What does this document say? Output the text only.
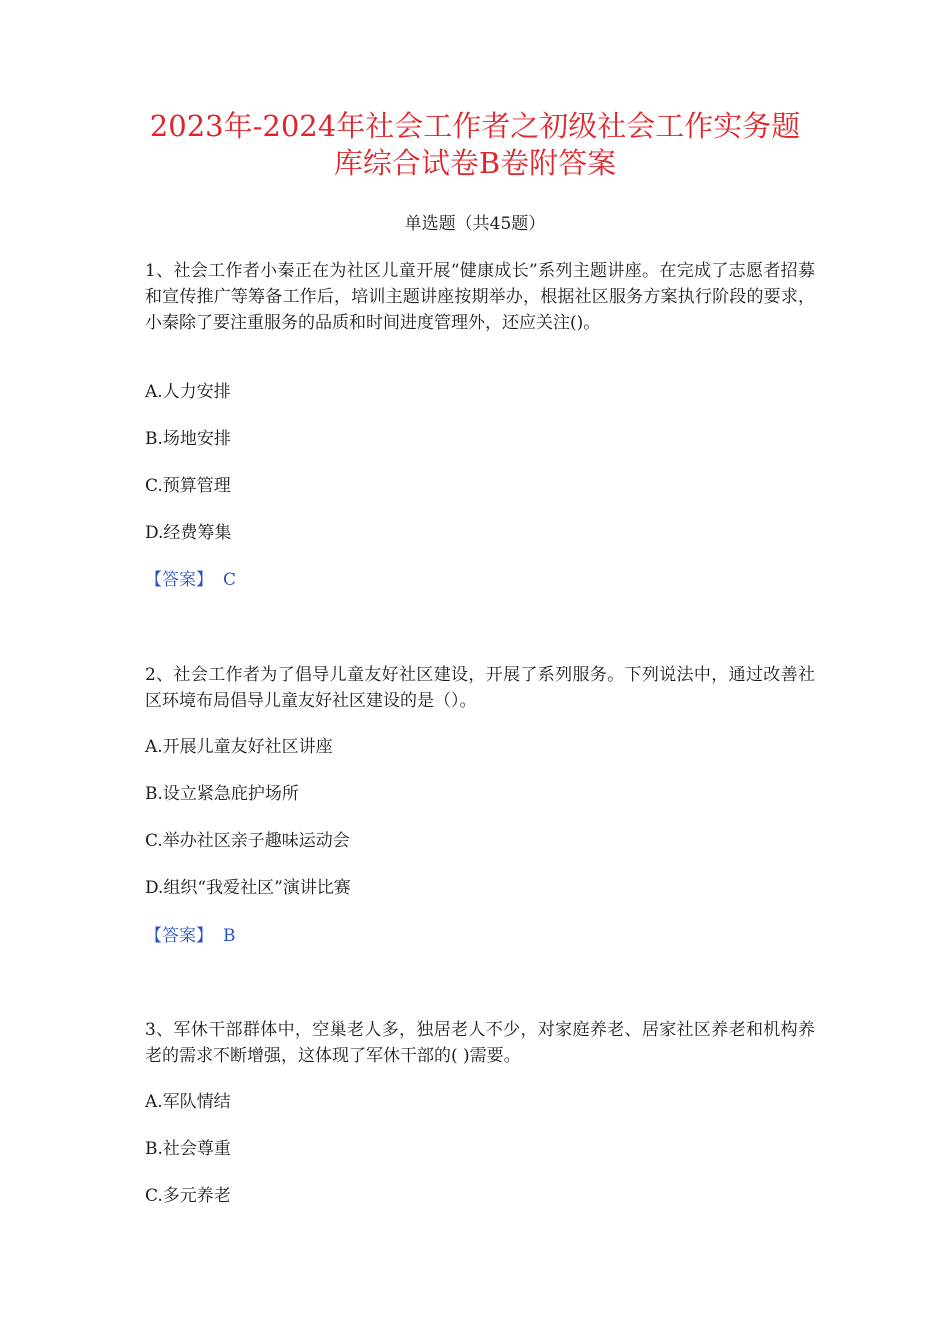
2023年-2024年社会工作者之初级社会工作实务题
库综合试卷B卷附答案
单选题（共45题）

1、社会工作者小秦正在为社区儿童开展“健康成长”系列主题讲座。在完成了志愿者招募和宣传推广等筹备工作后，培训主题讲座按期举办，根据社区服务方案执行阶段的要求，小秦除了要注重服务的品质和时间进度管理外，还应关注()。

A.人力安排
B.场地安排
C.预算管理
D.经费筹集
【答案】 C

2、社会工作者为了倡导儿童友好社区建设，开展了系列服务。下列说法中，通过改善社区环境布局倡导儿童友好社区建设的是（）。

A.开展儿童友好社区讲座
B.设立紧急庇护场所
C.举办社区亲子趣味运动会
D.组织“我爱社区”演讲比赛
【答案】 B

3、军休干部群体中，空巢老人多，独居老人不少，对家庭养老、居家社区养老和机构养老的需求不断增强，这体现了军休干部的( )需要。

A.军队情结
B.社会尊重
C.多元养老
